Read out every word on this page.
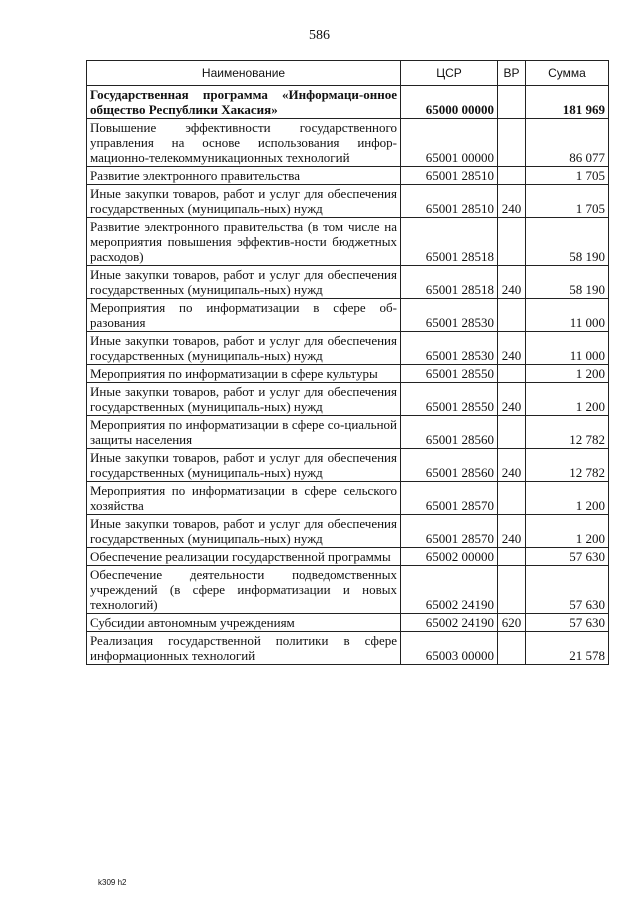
586
Наименование	ЦСР	ВР	Сумма
Государственная программа «Информаци-онное общество Республики Хакасия»	65000 00000		181 969
Повышение эффективности государственного управления на основе использования инфор-мационно-телекоммуникационных технологий	65001 00000		86 077
Развитие электронного правительства	65001 28510		1 705
Иные закупки товаров, работ и услуг для обеспечения государственных (муниципаль-ных) нужд	65001 28510	240	1 705
Развитие электронного правительства (в том числе на мероприятия повышения эффектив-ности бюджетных расходов)	65001 28518		58 190
Иные закупки товаров, работ и услуг для обеспечения государственных (муниципаль-ных) нужд	65001 28518	240	58 190
Мероприятия по информатизации в сфере об-разования	65001 28530		11 000
Иные закупки товаров, работ и услуг для обеспечения государственных (муниципаль-ных) нужд	65001 28530	240	11 000
Мероприятия по информатизации в сфере культуры	65001 28550		1 200
Иные закупки товаров, работ и услуг для обеспечения государственных (муниципаль-ных) нужд	65001 28550	240	1 200
Мероприятия по информатизации в сфере со-циальной защиты населения	65001 28560		12 782
Иные закупки товаров, работ и услуг для обеспечения государственных (муниципаль-ных) нужд	65001 28560	240	12 782
Мероприятия по информатизации в сфере сельского хозяйства	65001 28570		1 200
Иные закупки товаров, работ и услуг для обеспечения государственных (муниципаль-ных) нужд	65001 28570	240	1 200
Обеспечение реализации государственной программы	65002 00000		57 630
Обеспечение деятельности подведомственных учреждений (в сфере информатизации и новых технологий)	65002 24190		57 630
Субсидии автономным учреждениям	65002 24190	620	57 630
Реализация государственной политики в сфере информационных технологий	65003 00000		21 578
k309 h2
